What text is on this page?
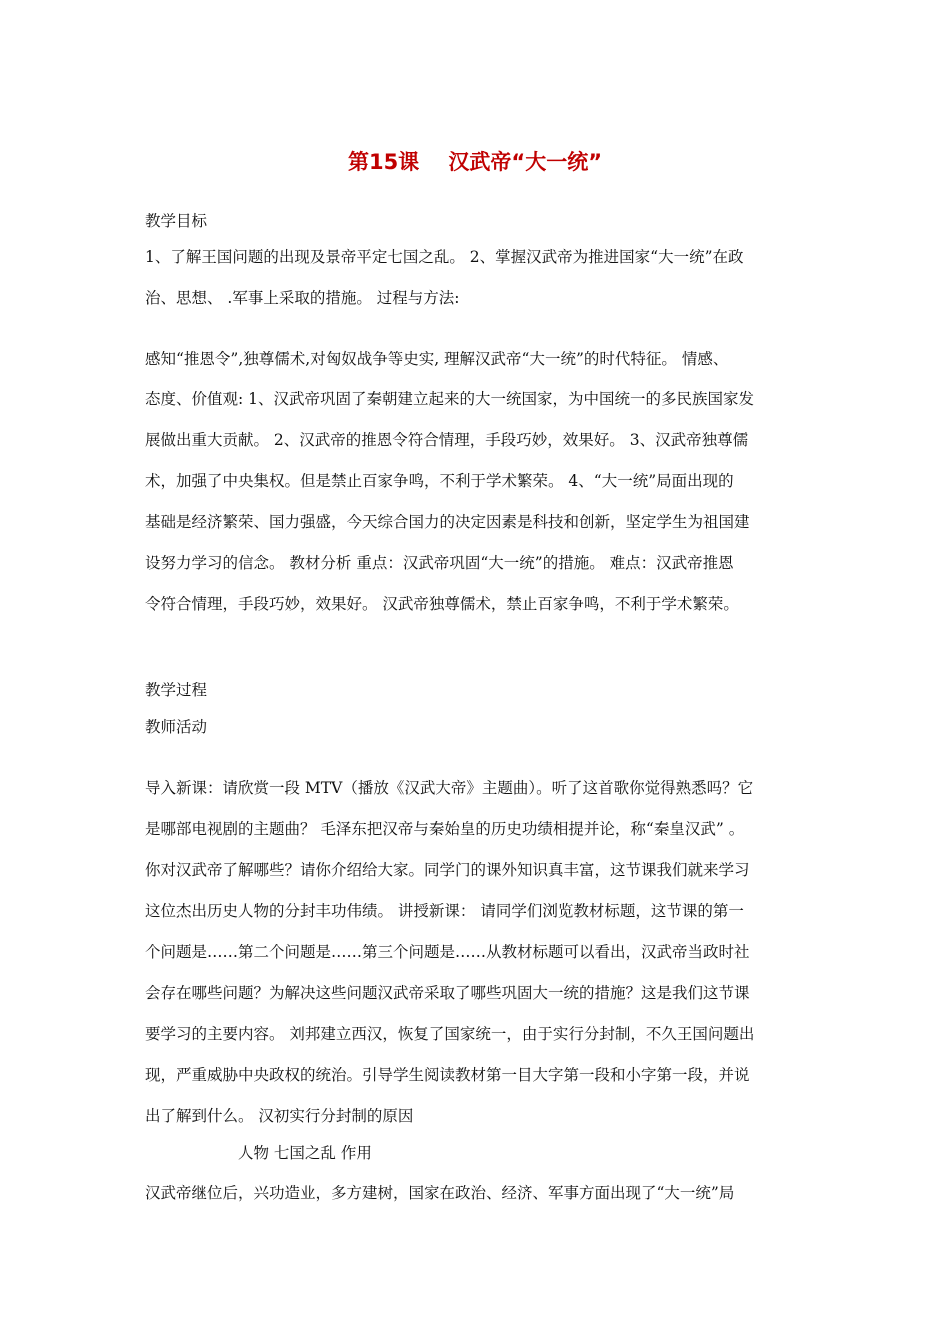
第15课    汉武帝“大一统”
教学目标
1、了解王国问题的出现及景帝平定七国之乱。 2、掌握汉武帝为推进国家“大一统”在政
治、思想、 .军事上采取的措施。 过程与方法:
感知“推恩令”,独尊儒术,对匈奴战争等史实, 理解汉武帝“大一统”的时代特征。 情感、
态度、价值观: 1、汉武帝巩固了秦朝建立起来的大一统国家，为中国统一的多民族国家发
展做出重大贡献。 2、汉武帝的推恩令符合情理，手段巧妙，效果好。 3、汉武帝独尊儒
术，加强了中央集权。但是禁止百家争鸣，不利于学术繁荣。 4、“大一统”局面出现的
基础是经济繁荣、国力强盛，今天综合国力的决定因素是科技和创新，坚定学生为祖国建
设努力学习的信念。 教材分析 重点：汉武帝巩固“大一统”的措施。 难点：汉武帝推恩
令符合情理，手段巧妙，效果好。 汉武帝独尊儒术，禁止百家争鸣，不利于学术繁荣。
教学过程
教师活动
导入新课：请欣赏一段 MTV（播放《汉武大帝》主题曲）。听了这首歌你觉得熟悉吗？它
是哪部电视剧的主题曲？ 毛泽东把汉帝与秦始皇的历史功绩相提并论，称“秦皇汉武” 。
你对汉武帝了解哪些？请你介绍给大家。同学门的课外知识真丰富，这节课我们就来学习
这位杰出历史人物的分封丰功伟绩。 讲授新课： 请同学们浏览教材标题，这节课的第一
个问题是……第二个问题是……第三个问题是……从教材标题可以看出，汉武帝当政时社
会存在哪些问题？为解决这些问题汉武帝采取了哪些巩固大一统的措施？这是我们这节课
要学习的主要内容。 刘邦建立西汉，恢复了国家统一，由于实行分封制，不久王国问题出
现，严重威胁中央政权的统治。引导学生阅读教材第一目大字第一段和小字第一段，并说
出了解到什么。 汉初实行分封制的原因
人物 七国之乱 作用
汉武帝继位后，兴功造业，多方建树，国家在政治、经济、军事方面出现了“大一统”局
